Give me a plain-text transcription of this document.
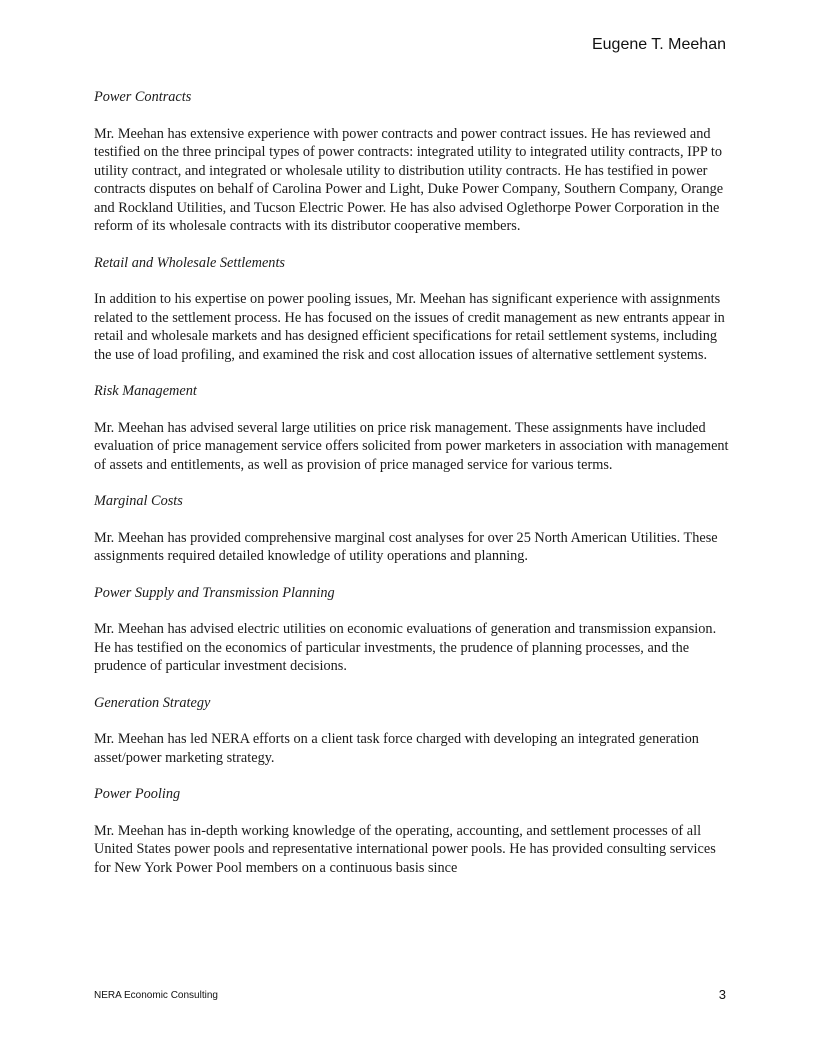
Eugene T. Meehan

Power Contracts

Mr. Meehan has extensive experience with power contracts and power contract issues. He has reviewed and testified on the three principal types of power contracts: integrated utility to integrated utility contracts, IPP to utility contract, and integrated or wholesale utility to distribution utility contracts. He has testified in power contracts disputes on behalf of Carolina Power and Light, Duke Power Company, Southern Company, Orange and Rockland Utilities, and Tucson Electric Power. He has also advised Oglethorpe Power Corporation in the reform of its wholesale contracts with its distributor cooperative members.

Retail and Wholesale Settlements

In addition to his expertise on power pooling issues, Mr. Meehan has significant experience with assignments related to the settlement process. He has focused on the issues of credit management as new entrants appear in retail and wholesale markets and has designed efficient specifications for retail settlement systems, including the use of load profiling, and examined the risk and cost allocation issues of alternative settlement systems.

Risk Management

Mr. Meehan has advised several large utilities on price risk management. These assignments have included evaluation of price management service offers solicited from power marketers in association with management of assets and entitlements, as well as provision of price managed service for various terms.

Marginal Costs

Mr. Meehan has provided comprehensive marginal cost analyses for over 25 North American Utilities. These assignments required detailed knowledge of utility operations and planning.

Power Supply and Transmission Planning

Mr. Meehan has advised electric utilities on economic evaluations of generation and transmission expansion. He has testified on the economics of particular investments, the prudence of planning processes, and the prudence of particular investment decisions.

Generation Strategy

Mr. Meehan has led NERA efforts on a client task force charged with developing an integrated generation asset/power marketing strategy.

Power Pooling

Mr. Meehan has in-depth working knowledge of the operating, accounting, and settlement processes of all United States power pools and representative international power pools. He has provided consulting services for New York Power Pool members on a continuous basis since

NERA Economic Consulting	3
